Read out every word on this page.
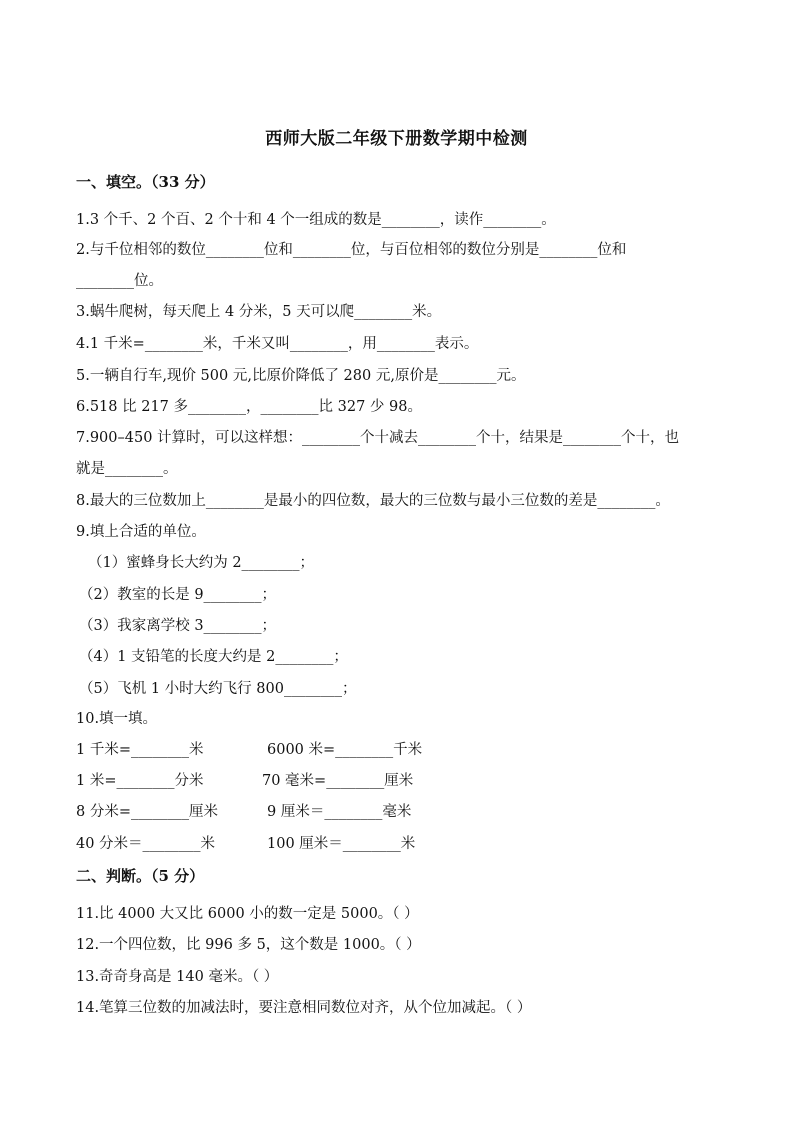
西师大版二年级下册数学期中检测
一、填空。（33 分）
1.3 个千、2 个百、2 个十和 4 个一组成的数是________，读作________。
2.与千位相邻的数位________位和________位，与百位相邻的数位分别是________位和
________位。
3.蜗牛爬树，每天爬上 4 分米，5 天可以爬________米。
4.1 千米=________米，千米又叫________，用________表示。
5.一辆自行车,现价 500 元,比原价降低了 280 元,原价是________元。
6.518 比 217 多________，________比 327 少 98。
7.900–450 计算时，可以这样想：________个十减去________个十，结果是________个十，也
就是________。
8.最大的三位数加上________是最小的四位数，最大的三位数与最小三位数的差是________。
9.填上合适的单位。
（1）蜜蜂身长大约为 2________；
（2）教室的长是 9________；
（3）我家离学校 3________；
（4）1 支铅笔的长度大约是 2________；
（5）飞机 1 小时大约飞行 800________；
10.填一填。
1 千米=________米	6000 米=________千米
1 米=________分米	70 毫米=________厘米
8 分米=________厘米	9 厘米＝________毫米
40 分米＝________米	100 厘米＝________米
二、判断。（5 分）
11.比 4000 大又比 6000 小的数一定是 5000。（ ）
12.一个四位数，比 996 多 5，这个数是 1000。（ ）
13.奇奇身高是 140 毫米。（ ）
14.笔算三位数的加减法时，要注意相同数位对齐，从个位加减起。（ ）
